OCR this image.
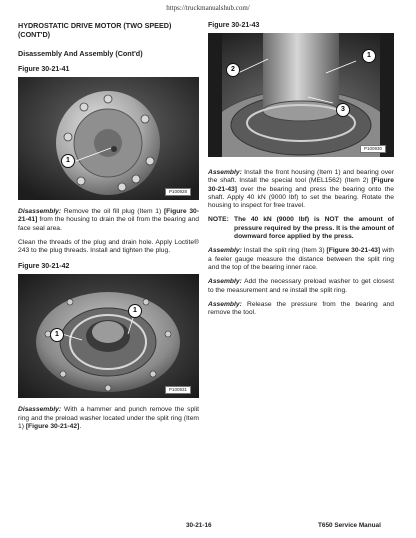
https://truckmanualshub.com/

HYDROSTATIC DRIVE MOTOR (TWO SPEED)
(CONT'D)

Disassembly And Assembly (Cont'd)

Figure 30-21-41

1
P100928

Disassembly: Remove the oil fill plug (Item 1) [Figure 30-21-41] from the housing to drain the oil from the bearing and face seal area.

Clean the threads of the plug and drain hole. Apply Loctite® 243 to the plug threads. Install and tighten the plug.

Figure 30-21-42

1
1
P100931

Disassembly: With a hammer and punch remove the split ring and the preload washer located under the split ring (Item 1) [Figure 30-21-42].

Figure 30-21-43

1
2
3
P100930

Assembly: Install the front housing (Item 1) and bearing over the shaft. Install the special tool (MEL1562) (Item 2) [Figure 30-21-43] over the bearing and press the bearing onto the shaft. Apply 40 kN (9000 lbf) to set the bearing. Rotate the housing to inspect for free travel.

NOTE: The 40 kN (9000 lbf) is NOT the amount of pressure required by the press. It is the amount of downward force applied by the press.

Assembly: Install the split ring (Item 3) [Figure 30-21-43] with a feeler gauge measure the distance between the split ring and the top of the bearing inner race.

Assembly: Add the necessary preload washer to get closest to the measurement and re install the split ring.

Assembly: Release the pressure from the bearing and remove the tool.

30-21-16	T650 Service Manual
